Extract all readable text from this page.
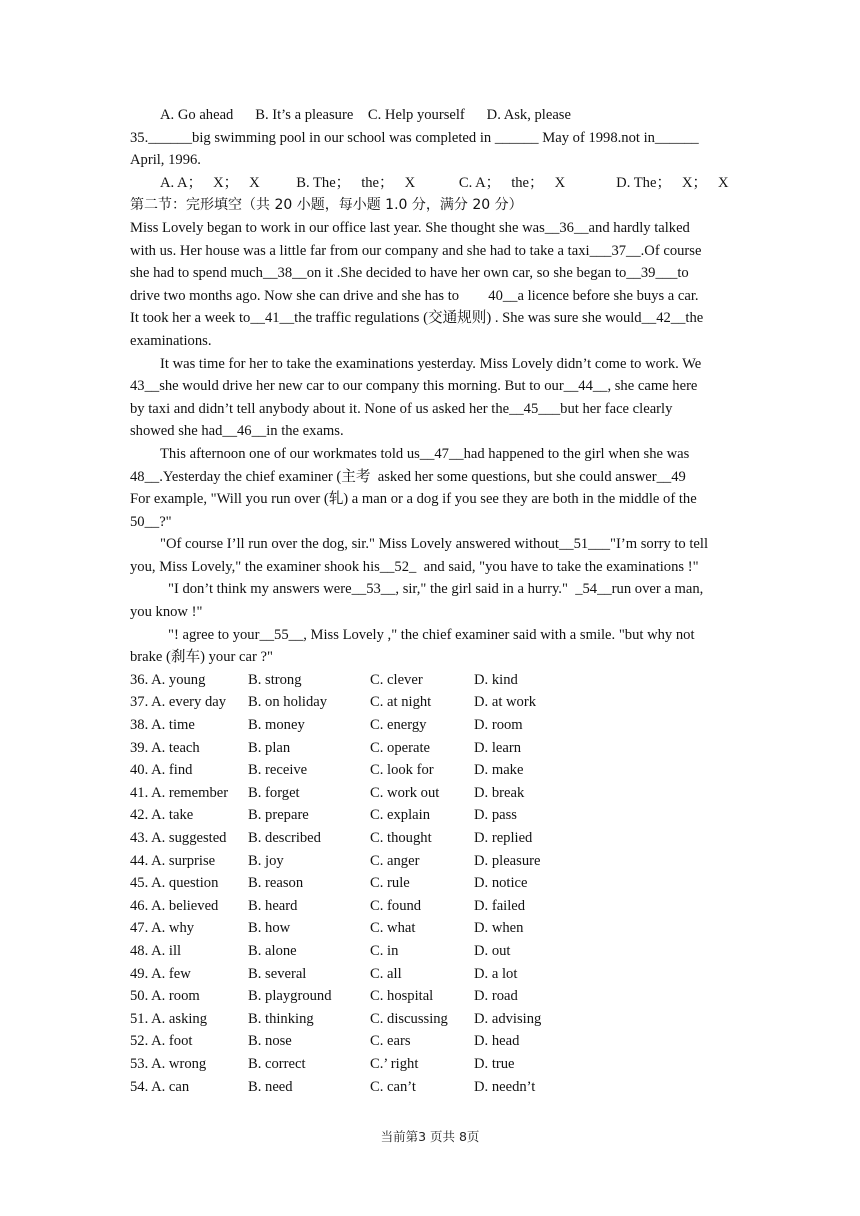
A. Go ahead      B. It’s a pleasure    C. Help yourself      D. Ask, please
35.______big swimming pool in our school was completed in ______ May of 1998.not in______
April, 1996.
A. A；   X；   X          B. The；   the；   X            C. A；   the；   X              D. The；   X；   X
第二节：完形填空（共 20 小题，每小题 1.0 分，满分 20 分）
Miss Lovely began to work in our office last year. She thought she was__36__and hardly talked
with us. Her house was a little far from our company and she had to take a taxi___37__.Of course
she had to spend much__38__on it .She decided to have her own car, so she began to__39___to
drive two months ago. Now she can drive and she has to        40__a licence before she buys a car.
It took her a week to__41__the traffic regulations (交通规则) . She was sure she would__42__the
examinations.
It was time for her to take the examinations yesterday. Miss Lovely didn’t come to work. We
43__she would drive her new car to our company this morning. But to our__44__, she came here
by taxi and didn’t tell anybody about it. None of us asked her the__45___but her face clearly
showed she had__46__in the exams.
This afternoon one of our workmates told us__47__had happened to the girl when she was
48__.Yesterday the chief examiner (主考  asked her some questions, but she could answer__49
For example, "Will you run over (轧) a man or a dog if you see they are both in the middle of the
50__?"
"Of course I’ll run over the dog, sir." Miss Lovely answered without__51___"I’m sorry to tell
you, Miss Lovely," the examiner shook his__52_  and said, "you have to take the examinations !"
"I don’t think my answers were__53__, sir," the girl said in a hurry."  _54__run over a man,
you know !"
"! agree to your__55__, Miss Lovely ," the chief examiner said with a smile. "but why not
brake (刹车) your car ?"
36. A. young	B. strong	C. clever	D. kind
37. A. every day B. on holiday	C. at night	D. at work
38. A. time	B. money	C. energy	D. room
39. A. teach	B. plan	C. operate	D. learn
40. A. find	B. receive	C. look for	D. make
41. A. remember B. forget	C. work out D. break
42. A. take	B. prepare	C. explain	D. pass
43. A. suggested B. described	C. thought	D. replied
44. A. surprise B. joy	C. anger	D. pleasure
45. A. question B. reason	C. rule	D. notice
46. A. believed B. heard	C. found	D. failed
47. A. why	B. how	C. what	D. when
48. A. ill	B. alone	C. in	D. out
49. A. few	B. several	C. all	D. a lot
50. A. room	B. playground	C. hospital	D. road
51. A. asking	B. thinking	C. discussing D. advising
52. A. foot	B. nose	C. ears	D. head
53. A. wrong	B. correct	C.’ right	D. true
54. A. can	B. need	C. can’t	D. needn’t
当前第3 页共 8页
